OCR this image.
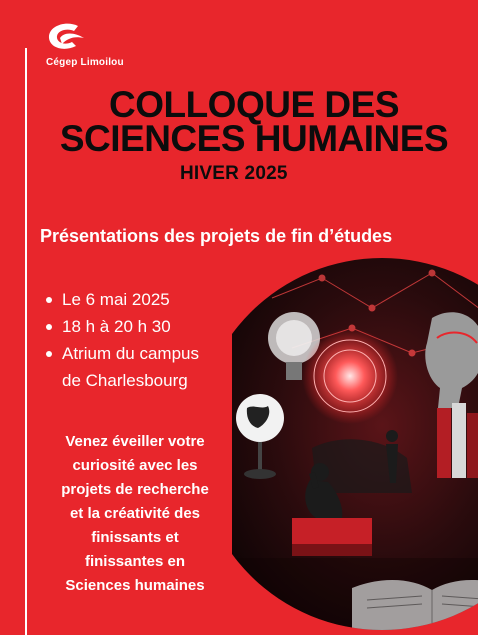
Cégep Limoilou
COLLOQUE DES
SCIENCES HUMAINES
HIVER 2025
Présentations des projets de fin d’études
Le 6 mai 2025
18 h à 20 h 30
Atrium du campus
de Charlesbourg
Venez éveiller votre
curiosité avec les
projets de recherche
et la créativité des
finissants et
finissantes en
Sciences humaines
